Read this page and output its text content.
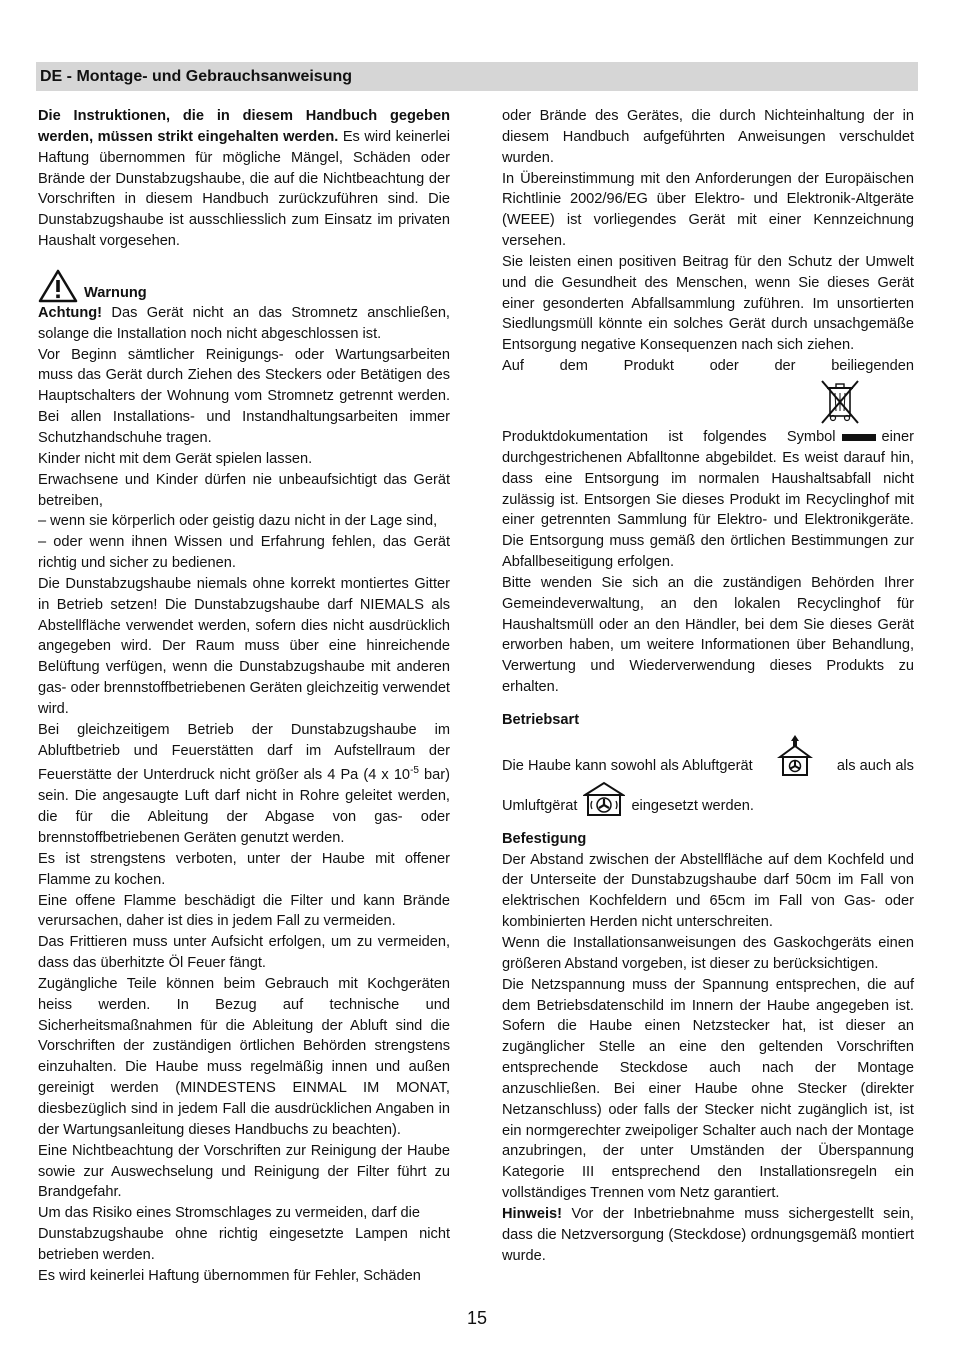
DE - Montage- und Gebrauchsanweisung

Die Instruktionen, die in diesem Handbuch gegeben werden, müssen strikt eingehalten werden. Es wird keinerlei Haftung übernommen für mögliche Mängel, Schäden oder Brände der Dunstabzugshaube, die auf die Nichtbeachtung der Vorschriften in diesem Handbuch zurückzuführen sind. Die Dunstabzugshaube ist ausschliesslich zum Einsatz im privaten Haushalt vorgesehen.

Warnung

Achtung! Das Gerät nicht an das Stromnetz anschließen, solange die Installation noch nicht abgeschlossen ist.

Vor Beginn sämtlicher Reinigungs- oder Wartungsarbeiten muss das Gerät durch Ziehen des Steckers oder Betätigen des Hauptschalters der Wohnung vom Stromnetz getrennt werden. Bei allen Installations- und Instandhaltungsarbeiten immer Schutzhandschuhe tragen.

Kinder nicht mit dem Gerät spielen lassen.

Erwachsene und Kinder dürfen nie unbeaufsichtigt das Gerät betreiben,

– wenn sie körperlich oder geistig dazu nicht in der Lage sind,

– oder wenn ihnen Wissen und Erfahrung fehlen, das Gerät richtig und sicher zu bedienen.

Die Dunstabzugshaube niemals ohne korrekt montiertes Gitter in Betrieb setzen! Die Dunstabzugshaube darf NIEMALS als Abstellfläche verwendet werden, sofern dies nicht ausdrücklich angegeben wird. Der Raum muss über eine hinreichende Belüftung verfügen, wenn die Dunstabzugshaube mit anderen gas- oder brennstoffbetriebenen Geräten gleichzeitig verwendet wird.

Bei gleichzeitigem Betrieb der Dunstabzugshaube im Abluftbetrieb und Feuerstätten darf im Aufstellraum der Feuerstätte der Unterdruck nicht größer als 4 Pa (4 x $10^{-5}$ bar) sein. Die angesaugte Luft darf nicht in Rohre geleitet werden, die für die Ableitung der Abgase von gas- oder brennstoffbetriebenen Geräten genutzt werden.

Es ist strengstens verboten, unter der Haube mit offener Flamme zu kochen.

Eine offene Flamme beschädigt die Filter und kann Brände verursachen, daher ist dies in jedem Fall zu vermeiden.

Das Frittieren muss unter Aufsicht erfolgen, um zu vermeiden, dass das überhitzte Öl Feuer fängt.

Zugängliche Teile können beim Gebrauch mit Kochgeräten heiss werden. In Bezug auf technische und Sicherheitsmaßnahmen für die Ableitung der Abluft sind die Vorschriften der zuständigen örtlichen Behörden strengstens einzuhalten. Die Haube muss regelmäßig innen und außen gereinigt werden (MINDESTENS EINMAL IM MONAT, diesbezüglich sind in jedem Fall die ausdrücklichen Angaben in der Wartungsanleitung dieses Handbuchs zu beachten).

Eine Nichtbeachtung der Vorschriften zur Reinigung der Haube sowie zur Auswechselung und Reinigung der Filter führt zu Brandgefahr.

Um das Risiko eines Stromschlages zu vermeiden, darf die

Dunstabzugshaube ohne richtig eingesetzte Lampen nicht betrieben werden.

Es wird keinerlei Haftung übernommen für Fehler, Schäden

oder Brände des Gerätes, die durch Nichteinhaltung der in diesem Handbuch aufgeführten Anweisungen verschuldet wurden.

In Übereinstimmung mit den Anforderungen der Europäischen Richtlinie 2002/96/EG über Elektro- und Elektronik-Altgeräte (WEEE) ist vorliegendes Gerät mit einer Kennzeichnung versehen.

Sie leisten einen positiven Beitrag für den Schutz der Umwelt und die Gesundheit des Menschen, wenn Sie dieses Gerät einer gesonderten Abfallsammlung zuführen. Im unsortierten Siedlungsmüll könnte ein solches Gerät durch unsachgemäße Entsorgung negative Konsequenzen nach sich ziehen.

Auf dem Produkt oder der beiliegenden

Produktdokumentation ist folgendes Symbol	einer durchgestrichenen Abfalltonne abgebildet. Es weist darauf hin, dass eine Entsorgung im normalen Haushaltsabfall nicht zulässig ist. Entsorgen Sie dieses Produkt im Recyclinghof mit einer getrennten Sammlung für Elektro- und Elektronikgeräte. Die Entsorgung muss gemäß den örtlichen Bestimmungen zur Abfallbeseitigung erfolgen.

Bitte wenden Sie sich an die zuständigen Behörden Ihrer Gemeindeverwaltung, an den lokalen Recyclinghof für Haushaltsmüll oder an den Händler, bei dem Sie dieses Gerät erworben haben, um weitere Informationen über Behandlung, Verwertung und Wiederverwendung dieses Produkts zu erhalten.

Betriebsart
Die Haube kann sowohl als Abluftgerät	als auch als
Umluftgërat	eingesetzt werden.
Befestigung

Der Abstand zwischen der Abstellfläche auf dem Kochfeld und der Unterseite der Dunstabzugshaube darf 50cm im Fall von elektrischen Kochfeldern und 65cm im Fall von Gas- oder kombinierten Herden nicht unterschreiten.

Wenn die Installationsanweisungen des Gaskochgeräts einen größeren Abstand vorgeben, ist dieser zu berücksichtigen.

Die Netzspannung muss der Spannung entsprechen, die auf dem Betriebsdatenschild im Innern der Haube angegeben ist. Sofern die Haube einen Netzstecker hat, ist dieser an zugänglicher Stelle an eine den geltenden Vorschriften entsprechende Steckdose auch nach der Montage anzuschließen. Bei einer Haube ohne Stecker (direkter Netzanschluss) oder falls der Stecker nicht zugänglich ist, ist ein normgerechter zweipoliger Schalter auch nach der Montage anzubringen, der unter Umständen der Überspannung Kategorie III entsprechend den Installationsregeln ein vollständiges Trennen vom Netz garantiert.

Hinweis! Vor der Inbetriebnahme muss sichergestellt sein, dass die Netzversorgung (Steckdose) ordnungsgemäß montiert wurde.

15
